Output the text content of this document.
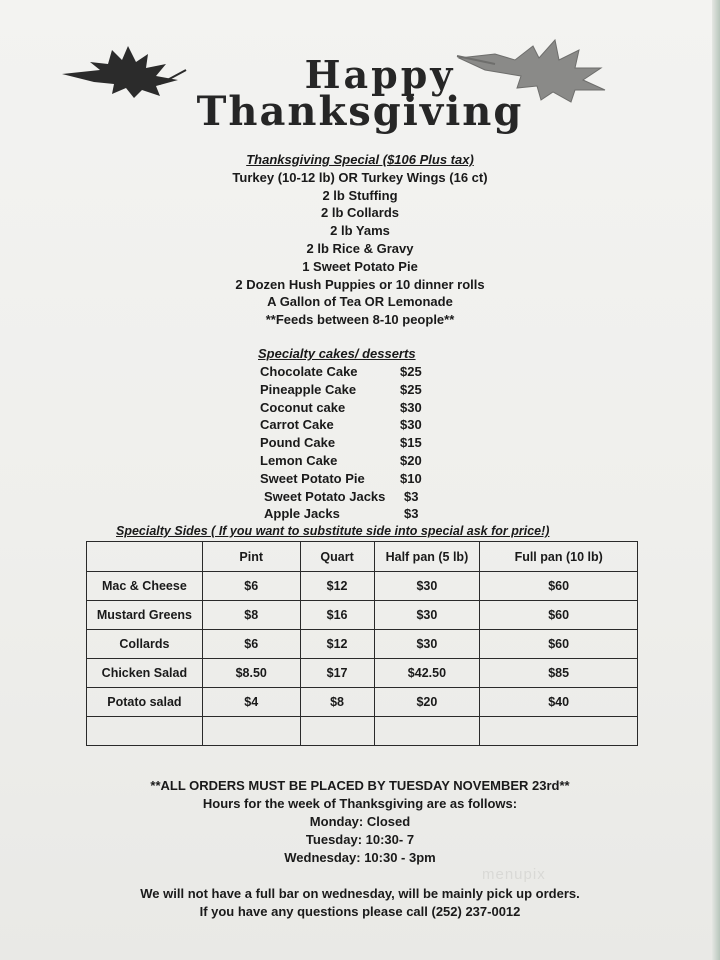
Happy
Thanksgiving
Thanksgiving Special ($106 Plus tax)
Turkey (10-12 lb) OR Turkey Wings (16 ct)
2 lb Stuffing
2 lb Collards
2 lb Yams
2 lb Rice & Gravy
1 Sweet Potato Pie
2 Dozen Hush Puppies or 10 dinner rolls
A Gallon of Tea OR Lemonade
**Feeds between 8-10 people**
Specialty cakes/ desserts
Chocolate Cake	$25
Pineapple Cake	$25
Coconut cake	$30
Carrot Cake	$30
Pound Cake	$15
Lemon Cake	$20
Sweet Potato Pie	$10
Sweet Potato Jacks $3
Apple Jacks	$3
Specialty Sides ( If you want to substitute side into special ask for price!)
	Pint	Quart	Half pan (5 lb)	Full pan (10 lb)
Mac & Cheese	$6	$12	$30	$60
Mustard Greens	$8	$16	$30	$60
Collards	$6	$12	$30	$60
Chicken Salad	$8.50	$17	$42.50	$85
Potato salad	$4	$8	$20	$40

**ALL ORDERS MUST BE PLACED BY TUESDAY NOVEMBER 23rd**
Hours for the week of Thanksgiving are as follows:
Monday: Closed
Tuesday: 10:30- 7
Wednesday: 10:30 - 3pm
We will not have a full bar on wednesday, will be mainly pick up orders.
If you have any questions please call (252) 237-0012
menupix
